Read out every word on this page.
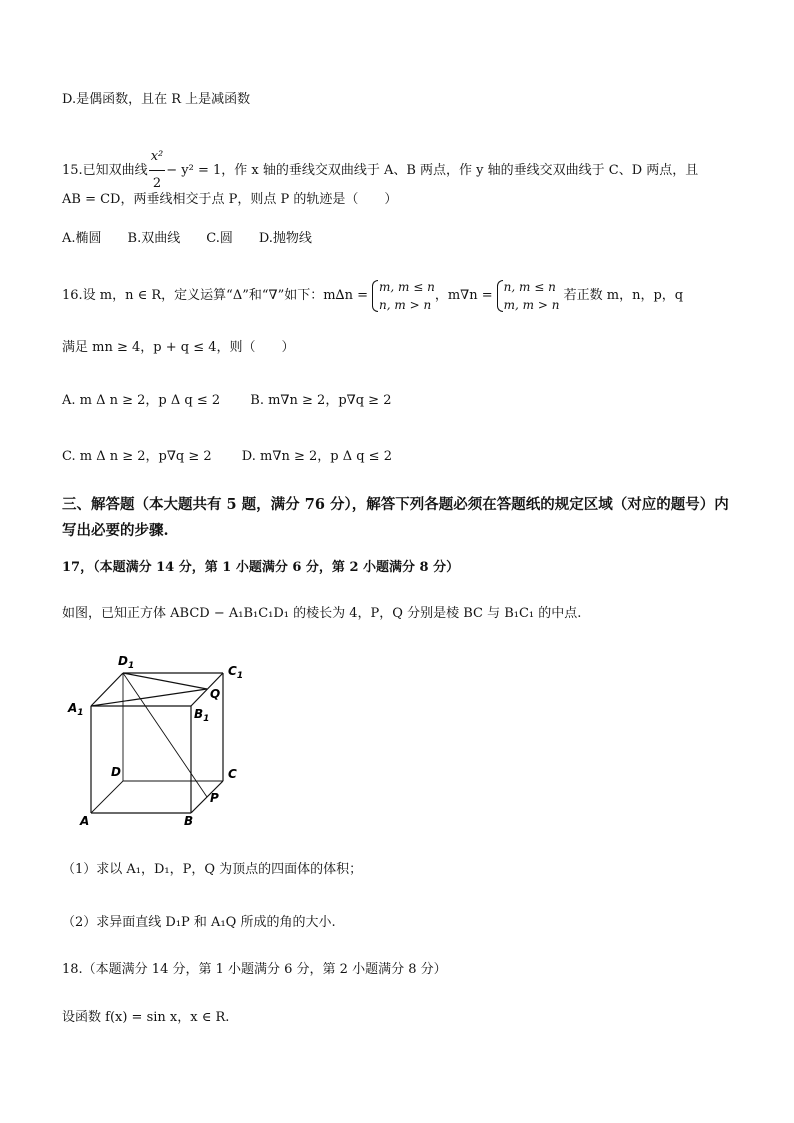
D.是偶函数，且在 R 上是减函数
15.已知双曲线 $\frac{\text{x²}}{2} - y^2 = 1$，作 x 轴的垂线交双曲线于 A、B 两点，作 y 轴的垂线交双曲线于 C、D 两点，且
AB = CD，两垂线相交于点 P，则点 P 的轨迹是（　　）
A.椭圆　　B.双曲线　　C.圆　　D.抛物线
16.设 m，n ∈ R，定义运算“Δ”和“∇”如下：m∆n =
m, m ≤ n
n, m > n
，m∇n =
n, m ≤ n
m, m > n
若正数 m，n，p，q
满足 mn ≥ 4，p + q ≤ 4，则（　　）
A. m Δ n ≥ 2，p Δ q ≤ 2　　 B. m∇n ≥ 2，p∇q ≥ 2
C. m Δ n ≥ 2，p∇q ≥ 2　　 D. m∇n ≥ 2，p Δ q ≤ 2
三、解答题（本大题共有 5 题，满分 76 分），解答下列各题必须在答题纸的规定区域（对应的题号）内写出必要的步骤.
17，（本题满分 14 分，第 1 小题满分 6 分，第 2 小题满分 8 分）
如图，已知正方体 ABCD − A₁B₁C₁D₁ 的棱长为 4，P，Q 分别是棱 BC 与 B₁C₁ 的中点.
$D_1$	$C_1$
$A_1$	$B_1$
Q
D	C
P
A	B
（1）求以 A₁，D₁，P，Q 为顶点的四面体的体积；
（2）求异面直线 D₁P 和 A₁Q 所成的角的大小.
18.（本题满分 14 分，第 1 小题满分 6 分，第 2 小题满分 8 分）
设函数 f(x) = sin x，x ∈ R.
